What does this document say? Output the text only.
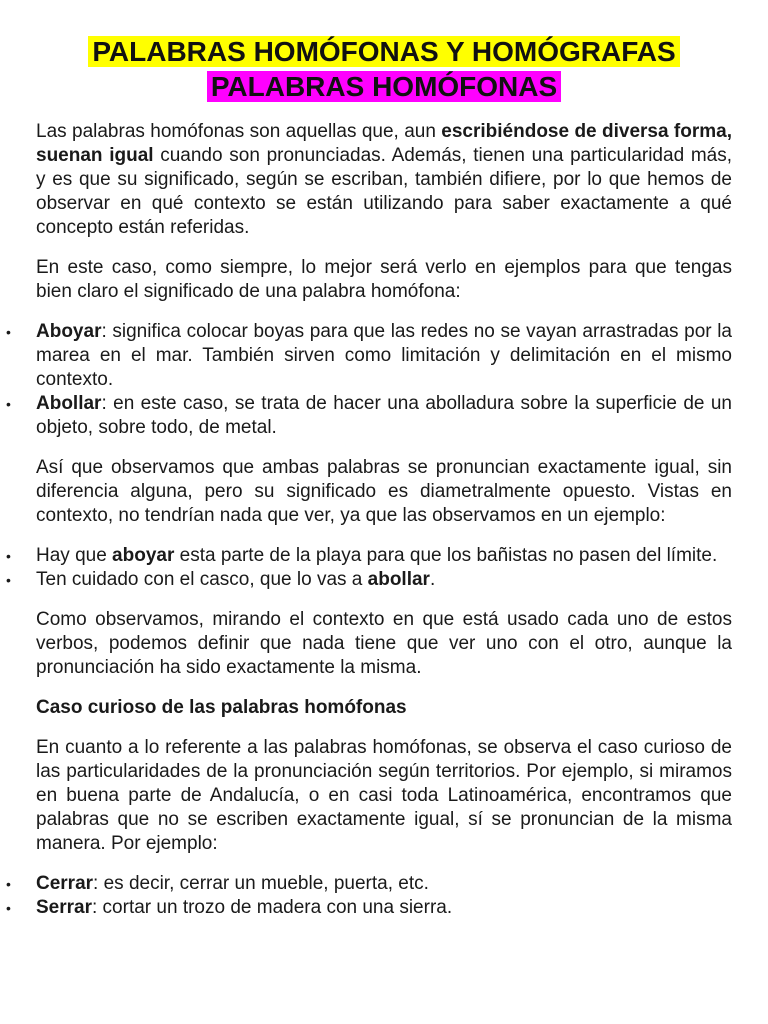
PALABRAS HOMÓFONAS Y HOMÓGRAFAS
PALABRAS HOMÓFONAS

Las palabras homófonas son aquellas que, aun escribiéndose de diversa forma, suenan igual cuando son pronunciadas. Además, tienen una particularidad más, y es que su significado, según se escriban, también difiere, por lo que hemos de observar en qué contexto se están utilizando para saber exactamente a qué concepto están referidas.

En este caso, como siempre, lo mejor será verlo en ejemplos para que tengas bien claro el significado de una palabra homófona:

• Aboyar: significa colocar boyas para que las redes no se vayan arrastradas por la marea en el mar. También sirven como limitación y delimitación en el mismo contexto.
• Abollar: en este caso, se trata de hacer una abolladura sobre la superficie de un objeto, sobre todo, de metal.

Así que observamos que ambas palabras se pronuncian exactamente igual, sin diferencia alguna, pero su significado es diametralmente opuesto. Vistas en contexto, no tendrían nada que ver, ya que las observamos en un ejemplo:

• Hay que aboyar esta parte de la playa para que los bañistas no pasen del límite.
• Ten cuidado con el casco, que lo vas a abollar.

Como observamos, mirando el contexto en que está usado cada uno de estos verbos, podemos definir que nada tiene que ver uno con el otro, aunque la pronunciación ha sido exactamente la misma.

Caso curioso de las palabras homófonas

En cuanto a lo referente a las palabras homófonas, se observa el caso curioso de las particularidades de la pronunciación según territorios. Por ejemplo, si miramos en buena parte de Andalucía, o en casi toda Latinoamérica, encontramos que palabras que no se escriben exactamente igual, sí se pronuncian de la misma manera. Por ejemplo:

• Cerrar: es decir, cerrar un mueble, puerta, etc.
• Serrar: cortar un trozo de madera con una sierra.
